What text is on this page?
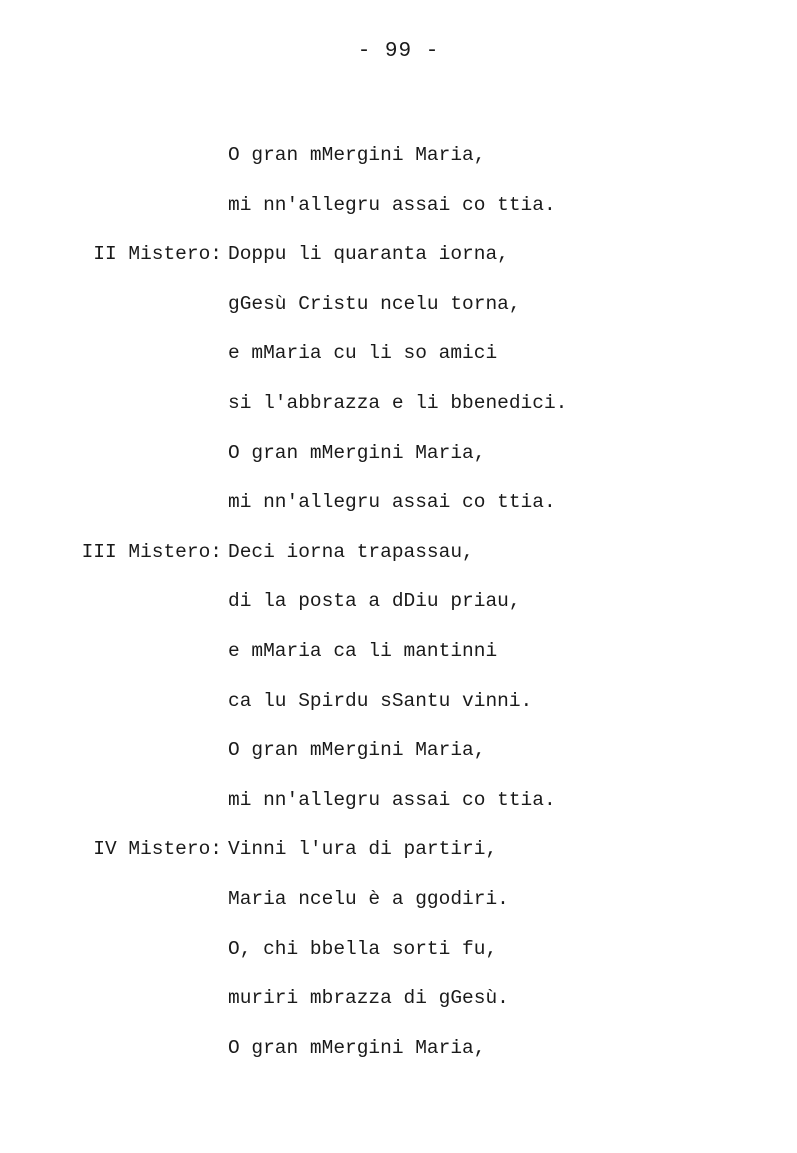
- 99 -

O gran mMergini Maria,

mi nn'allegru assai co ttia.

II Mistero:

Doppu li quaranta iorna,

gGesù Cristu ncelu torna,

e mMaria cu li so amici

si l'abbrazza e li bbenedici.

O gran mMergini Maria,

mi nn'allegru assai co ttia.

III Mistero:

Deci iorna trapassau,

di la posta a dDiu priau,

e mMaria ca li mantinni

ca lu Spirdu sSantu vinni.

O gran mMergini Maria,

mi nn'allegru assai co ttia.

IV Mistero:

Vinni l'ura di partiri,

Maria ncelu è a ggodiri.

O, chi bbella sorti fu,

muriri mbrazza di gGesù.

O gran mMergini Maria,
